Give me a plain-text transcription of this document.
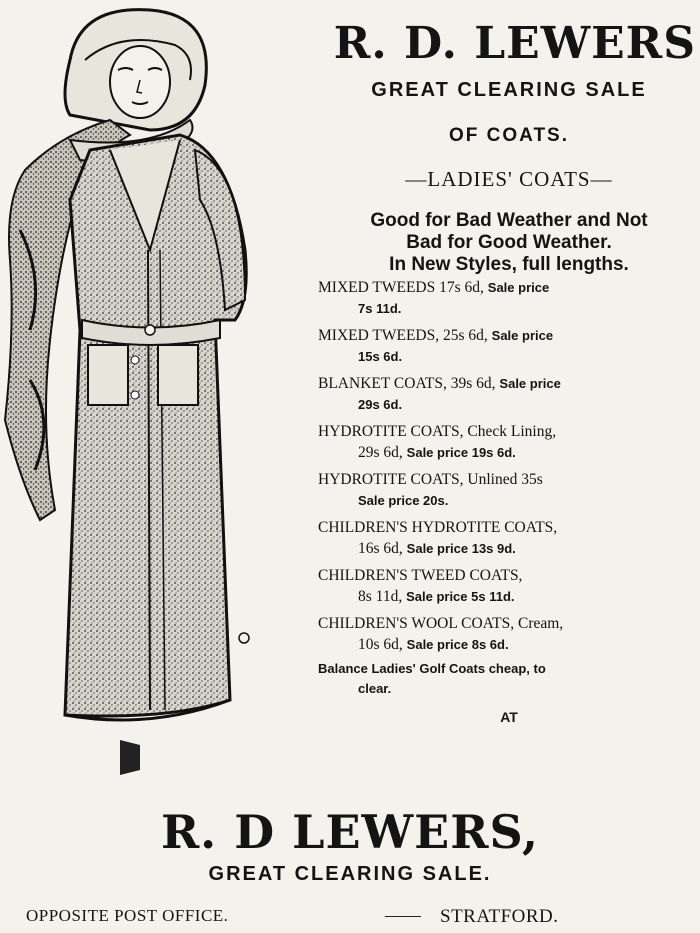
R. D. LEWERS
GREAT CLEARING SALE
OF COATS.
—LADIES' COATS—
Good for Bad Weather and Not
Bad for Good Weather.
In New Styles, full lengths.
MIXED TWEEDS 17s 6d, Sale price
7s 11d.
MIXED TWEEDS, 25s 6d, Sale price
15s 6d.
BLANKET COATS, 39s 6d, Sale price
29s 6d.
HYDROTITE COATS, Check Lining,
29s 6d, Sale price 19s 6d.
HYDROTITE COATS, Unlined 35s
Sale price 20s.
CHILDREN'S HYDROTITE COATS,
16s 6d, Sale price 13s 9d.
CHILDREN'S TWEED COATS,
8s 11d, Sale price 5s 11d.
CHILDREN'S WOOL COATS, Cream,
10s 6d, Sale price 8s 6d.
Balance Ladies' Golf Coats cheap, to
clear.
AT
R. D LEWERS,
GREAT CLEARING SALE.
OPPOSITE POST OFFICE.	STRATFORD.
